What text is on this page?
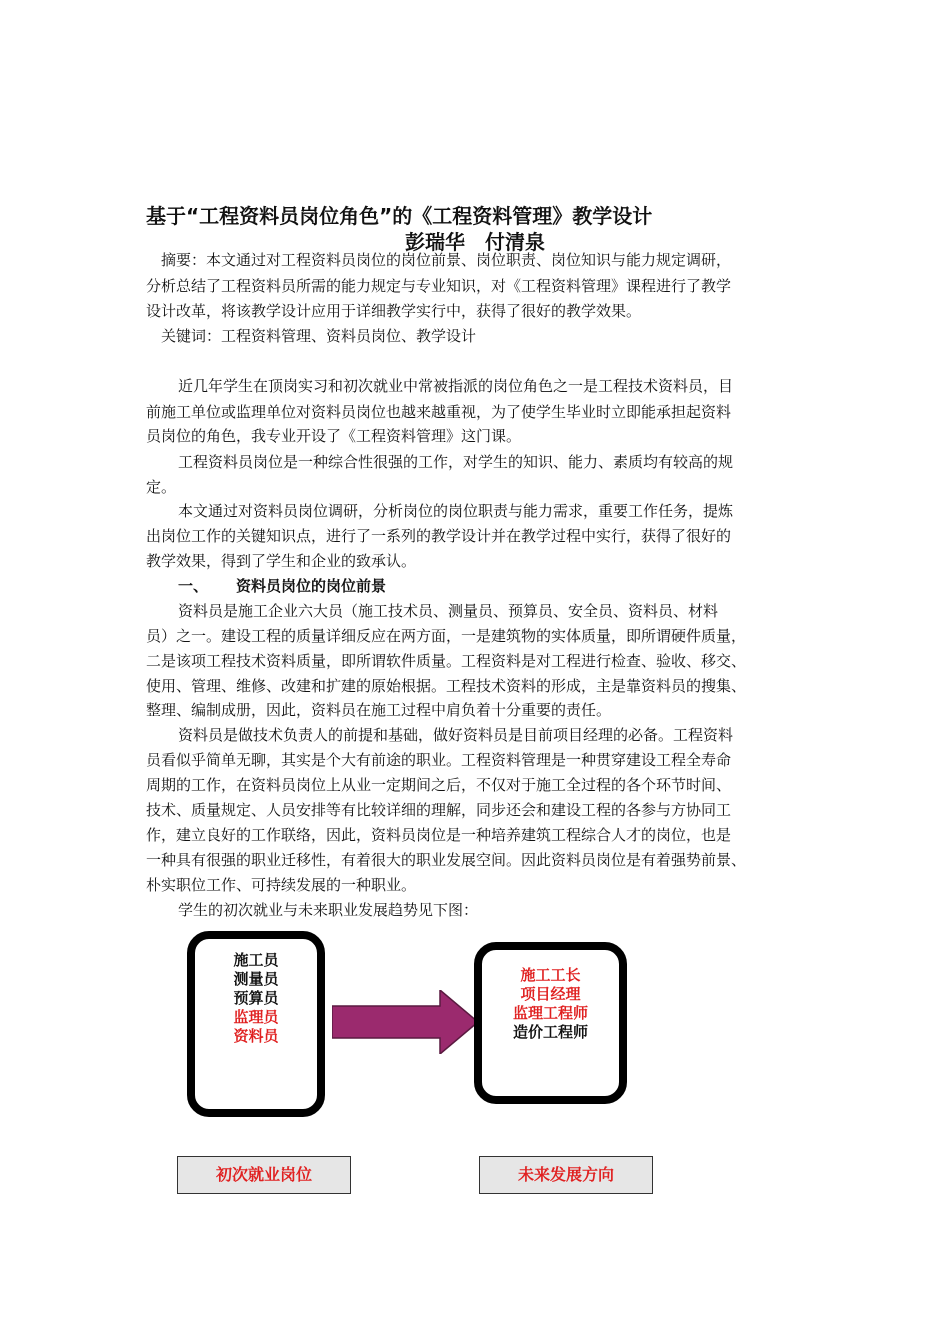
基于“工程资料员岗位角色”的《工程资料管理》教学设计
彭瑞华　付清泉
摘要：本文通过对工程资料员岗位的岗位前景、岗位职责、岗位知识与能力规定调研，
分析总结了工程资料员所需的能力规定与专业知识，对《工程资料管理》课程进行了教学
设计改革，将该教学设计应用于详细教学实行中，获得了很好的教学效果。
关键词：工程资料管理、资料员岗位、教学设计
近几年学生在顶岗实习和初次就业中常被指派的岗位角色之一是工程技术资料员，目
前施工单位或监理单位对资料员岗位也越来越重视，为了使学生毕业时立即能承担起资料
员岗位的角色，我专业开设了《工程资料管理》这门课。
工程资料员岗位是一种综合性很强的工作，对学生的知识、能力、素质均有较高的规
定。
本文通过对资料员岗位调研，分析岗位的岗位职责与能力需求，重要工作任务，提炼
出岗位工作的关键知识点，进行了一系列的教学设计并在教学过程中实行，获得了很好的
教学效果，得到了学生和企业的致承认。
一、 资料员岗位的岗位前景
资料员是施工企业六大员（施工技术员、测量员、预算员、安全员、资料员、材料
员）之一。建设工程的质量详细反应在两方面，一是建筑物的实体质量，即所谓硬件质量，
二是该项工程技术资料质量，即所谓软件质量。工程资料是对工程进行检查、验收、移交、
使用、管理、维修、改建和扩建的原始根据。工程技术资料的形成，主是靠资料员的搜集、
整理、编制成册，因此，资料员在施工过程中肩负着十分重要的责任。
资料员是做技术负责人的前提和基础，做好资料员是目前项目经理的必备。工程资料
员看似乎简单无聊，其实是个大有前途的职业。工程资料管理是一种贯穿建设工程全寿命
周期的工作，在资料员岗位上从业一定期间之后，不仅对于施工全过程的各个环节时间、
技术、质量规定、人员安排等有比较详细的理解，同步还会和建设工程的各参与方协同工
作，建立良好的工作联络，因此，资料员岗位是一种培养建筑工程综合人才的岗位，也是
一种具有很强的职业迁移性，有着很大的职业发展空间。因此资料员岗位是有着强势前景、
朴实职位工作、可持续发展的一种职业。
学生的初次就业与未来职业发展趋势见下图：
施工员
测量员
预算员
监理员
资料员
施工工长
项目经理
监理工程师
造价工程师
初次就业岗位	未来发展方向
